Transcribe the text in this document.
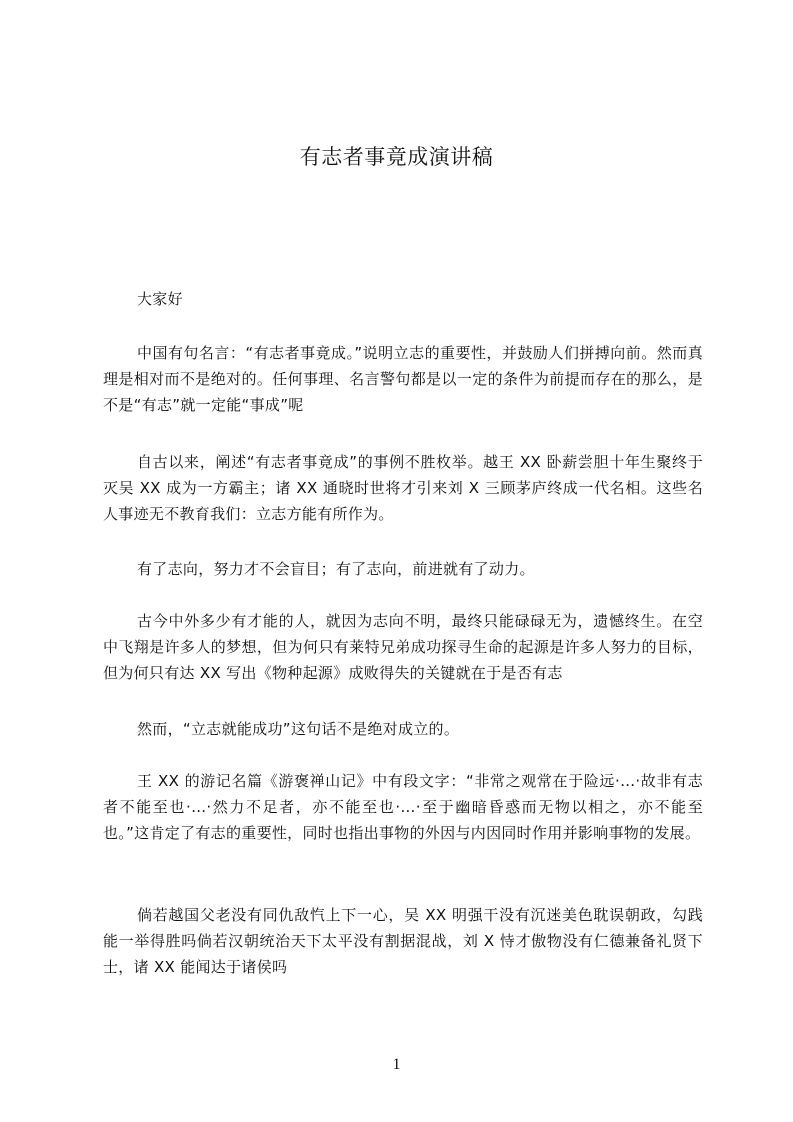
有志者事竟成演讲稿
大家好
中国有句名言：“有志者事竟成。”说明立志的重要性，并鼓励人们拼搏向前。然而真理是相对而不是绝对的。任何事理、名言警句都是以一定的条件为前提而存在的那么，是不是“有志”就一定能“事成”呢
自古以来，阐述“有志者事竟成”的事例不胜枚举。越王 XX 卧薪尝胆十年生聚终于灭吴 XX 成为一方霸主；诸 XX 通晓时世将才引来刘 X 三顾茅庐终成一代名相。这些名人事迹无不教育我们：立志方能有所作为。
有了志向，努力才不会盲目；有了志向，前进就有了动力。
古今中外多少有才能的人，就因为志向不明，最终只能碌碌无为，遗憾终生。在空中飞翔是许多人的梦想，但为何只有莱特兄弟成功探寻生命的起源是许多人努力的目标，但为何只有达 XX 写出《物种起源》成败得失的关键就在于是否有志
然而，“立志就能成功”这句话不是绝对成立的。
王 XX 的游记名篇《游褒禅山记》中有段文字：“非常之观常在于险远·…·故非有志者不能至也·…·然力不足者，亦不能至也·…·至于幽暗昏惑而无物以相之，亦不能至也。”这肯定了有志的重要性，同时也指出事物的外因与内因同时作用并影响事物的发展。
倘若越国父老没有同仇敌忾上下一心，吴 XX 明强干没有沉迷美色耽误朝政，勾践能一举得胜吗倘若汉朝统治天下太平没有割据混战，刘 X 恃才傲物没有仁德兼备礼贤下士，诸 XX 能闻达于诸侯吗
1
